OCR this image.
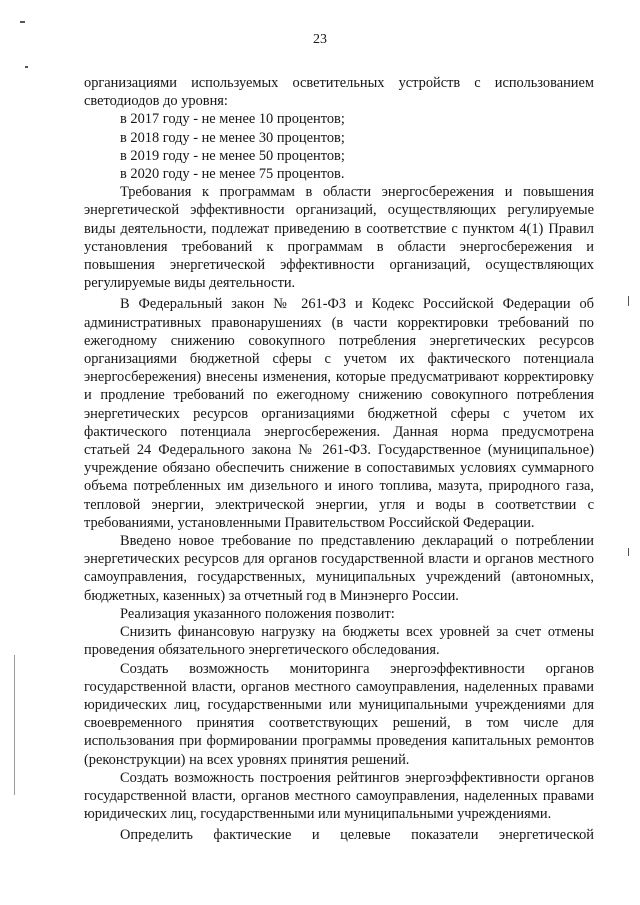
23

организациями используемых осветительных устройств с использованием светодиодов до уровня:

в 2017 году - не менее 10 процентов;

в 2018 году - не менее 30 процентов;

в 2019 году - не менее 50 процентов;

в 2020 году - не менее 75 процентов.

Требования к программам в области энергосбережения и повышения энергетической эффективности организаций, осуществляющих регулируемые виды деятельности, подлежат приведению в соответствие с пунктом 4(1) Правил установления требований к программам в области энергосбережения и повышения энергетической эффективности организаций, осуществляющих регулируемые виды деятельности.

В Федеральный закон № 261-ФЗ и Кодекс Российской Федерации об административных правонарушениях (в части корректировки требований по ежегодному снижению совокупного потребления энергетических ресурсов организациями бюджетной сферы с учетом их фактического потенциала энергосбережения) внесены изменения, которые предусматривают корректировку и продление требований по ежегодному снижению совокупного потребления энергетических ресурсов организациями бюджетной сферы с учетом их фактического потенциала энергосбережения. Данная норма предусмотрена статьей 24 Федерального закона № 261-ФЗ. Государственное (муниципальное) учреждение обязано обеспечить снижение в сопоставимых условиях суммарного объема потребленных им дизельного и иного топлива, мазута, природного газа, тепловой энергии, электрической энергии, угля и воды в соответствии с требованиями, установленными Правительством Российской Федерации.

Введено новое требование по представлению деклараций о потреблении энергетических ресурсов для органов государственной власти и органов местного самоуправления, государственных, муниципальных учреждений (автономных, бюджетных, казенных) за отчетный год в Минэнерго России.

Реализация указанного положения позволит:

Снизить финансовую нагрузку на бюджеты всех уровней за счет отмены проведения обязательного энергетического обследования.

Создать возможность мониторинга энергоэффективности органов государственной власти, органов местного самоуправления, наделенных правами юридических лиц, государственными или муниципальными учреждениями для своевременного принятия соответствующих решений, в том числе для использования при формировании программы проведения капитальных ремонтов (реконструкции) на всех уровнях принятия решений.

Создать возможность построения рейтингов энергоэффективности органов государственной власти, органов местного самоуправления, наделенных правами юридических лиц, государственными или муниципальными учреждениями.

Определить фактические и целевые показатели энергетической
